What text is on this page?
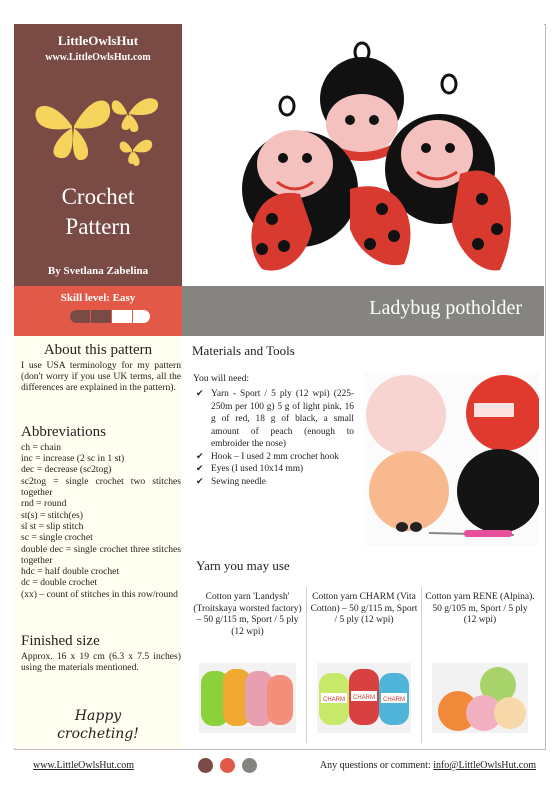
LittleOwlsHut
www.LittleOwlsHut.com
Crochet
Pattern
By Svetlana Zabelina
Skill level: Easy	Ladybug potholder
About this pattern
I use USA terminology for my pattern (don't worry if you use UK terms, all the differences are explained in the pattern).
Abbreviations
ch = chain
inc = increase (2 sc in 1 st)
dec = decrease (sc2tog)
sc2tog = single crochet two stitches together
rnd = round
st(s) = stitch(es)
sl st = slip stitch
sc = single crochet
double dec = single crochet three stitches together
hdc = half double crochet
dc = double crochet
(xx) – count of stitches in this row/round
Finished size
Approx. 16 x 19 cm (6.3 x 7.5 inches) using the materials mentioned.
Happy
crocheting!
Materials and Tools
You will need:
✔ Yarn - Sport / 5 ply (12 wpi) (225-250m per 100 g) 5 g of light pink, 16 g of red, 18 g of black, a small amount of peach (enough to embroider the nose)
✔ Hook – I used 2 mm crochet hook
✔ Eyes (I used 10x14 mm)
✔ Sewing needle
Yarn you may use
Cotton yarn 'Landysh' (Troitskaya worsted factory) – 50 g/115 m, Sport / 5 ply (12 wpi)
Cotton yarn CHARM (Vita Cotton) – 50 g/115 m, Sport / 5 ply (12 wpi)
CHARM CHARM CHARM
Cotton yarn RENE (Alpina). 50 g/105 m, Sport / 5 ply (12 wpi)
www.LittleOwlsHut.com	Any questions or comment: info@LittleOwlsHut.com
